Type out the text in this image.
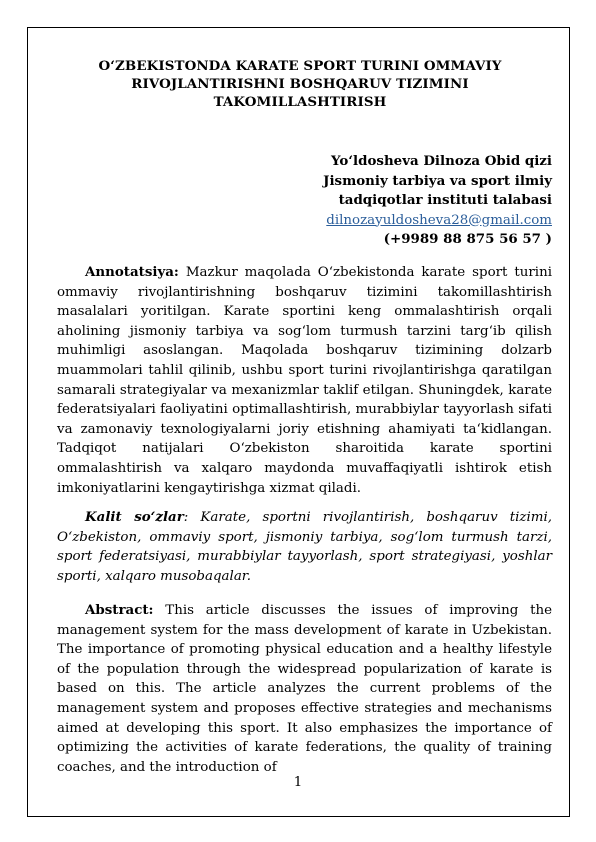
O‘ZBEKISTONDA KARATE SPORT TURINI OMMAVIY
RIVOJLANTIRISHNI BOSHQARUV TIZIMINI
TAKOMILLASHTIRISH
Yo‘ldosheva Dilnoza Obid qizi
Jismoniy tarbiya va sport ilmiy
tadqiqotlar instituti talabasi
dilnozayuldosheva28@gmail.com
(+9989 88 875 56 57 )

Annotatsiya: Mazkur maqolada O‘zbekistonda karate sport turini ommaviy rivojlantirishning boshqaruv tizimini takomillashtirish masalalari yoritilgan. Karate sportini keng ommalashtirish orqali aholining jismoniy tarbiya va sog‘lom turmush tarzini targ‘ib qilish muhimligi asoslangan. Maqolada boshqaruv tizimining dolzarb muammolari tahlil qilinib, ushbu sport turini rivojlantirishga qaratilgan samarali strategiyalar va mexanizmlar taklif etilgan. Shuningdek, karate federatsiyalari faoliyatini optimallashtirish, murabbiylar tayyorlash sifati va zamonaviy texnologiyalarni joriy etishning ahamiyati ta‘kidlangan. Tadqiqot natijalari O‘zbekiston sharoitida karate sportini ommalashtirish va xalqaro maydonda muvaffaqiyatli ishtirok etish imkoniyatlarini kengaytirishga xizmat qiladi.

Kalit so‘zlar: Karate, sportni rivojlantirish, boshqaruv tizimi, O‘zbekiston, ommaviy sport, jismoniy tarbiya, sog‘lom turmush tarzi, sport federatsiyasi, murabbiylar tayyorlash, sport strategiyasi, yoshlar sporti, xalqaro musobaqalar.

Abstract: This article discusses the issues of improving the management system for the mass development of karate in Uzbekistan. The importance of promoting physical education and a healthy lifestyle of the population through the widespread popularization of karate is based on this. The article analyzes the current problems of the management system and proposes effective strategies and mechanisms aimed at developing this sport. It also emphasizes the importance of optimizing the activities of karate federations, the quality of training coaches, and the introduction of

1
